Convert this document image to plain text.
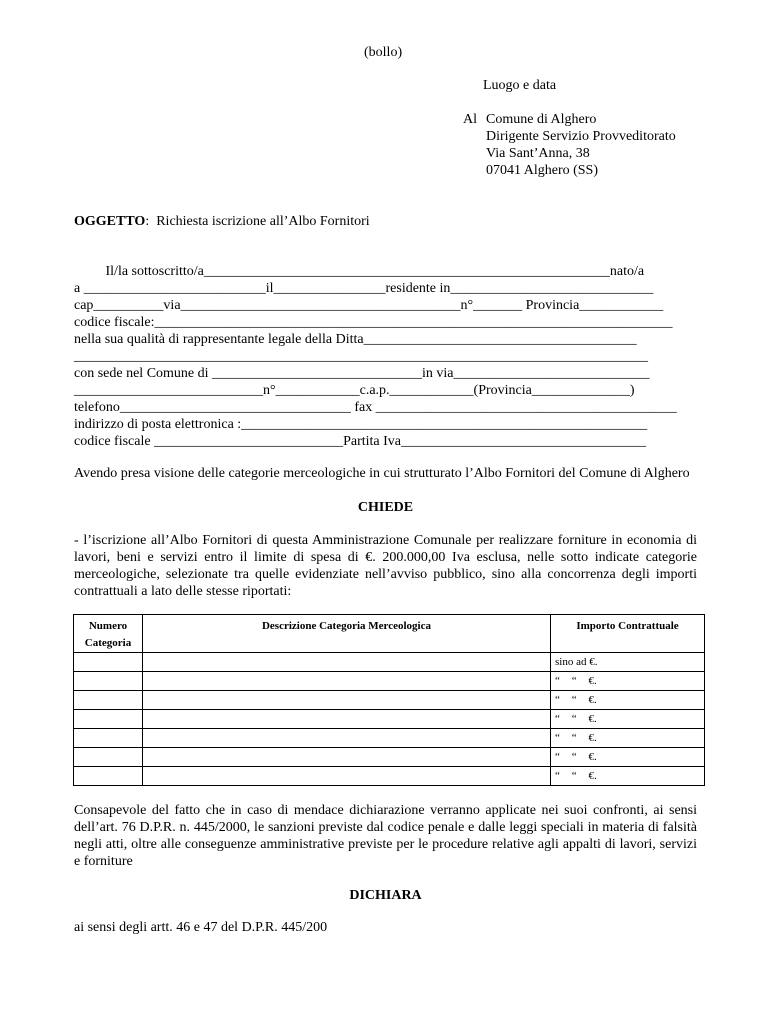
(bollo)
Luogo e data
Al Comune di Alghero
Dirigente Servizio Provveditorato
Via Sant’Anna, 38
07041 Alghero (SS)
OGGETTO: Richiesta iscrizione all’Albo Fornitori
Il/la sottoscritto/a__________________________________________________________nato/a
a __________________________il________________residente in_____________________________
cap__________via________________________________________n°_______ Provincia____________
codice fiscale:__________________________________________________________________________
nella sua qualità di rappresentante legale della Ditta_______________________________________
__________________________________________________________________________________
con sede nel Comune di ______________________________in via____________________________
___________________________n°____________c.a.p.____________(Provincia______________)
telefono_________________________________ fax ___________________________________________
indirizzo di posta elettronica :__________________________________________________________
codice fiscale ___________________________Partita Iva___________________________________
Avendo presa visione delle categorie merceologiche in cui strutturato l’Albo Fornitori del Comune di Alghero
CHIEDE
- l’iscrizione all’Albo Fornitori di questa Amministrazione Comunale per realizzare forniture in economia di lavori, beni e servizi entro il limite di spesa di €. 200.000,00 Iva esclusa, nelle sotto indicate categorie merceologiche, selezionate tra quelle evidenziate nell’avviso pubblico, sino alla concorrenza degli importi contrattuali a lato delle stesse riportati:
Numero Categoria	Descrizione Categoria Merceologica	Importo Contrattuale
		sino ad €.
		“ “ €.
		“ “ €.
		“ “ €.
		“ “ €.
		“ “ €.
		“ “ €.
Consapevole del fatto che in caso di mendace dichiarazione verranno applicate nei suoi confronti, ai sensi dell’art. 76 D.P.R. n. 445/2000, le sanzioni previste dal codice penale e dalle leggi speciali in materia di falsità negli atti, oltre alle conseguenze amministrative previste per le procedure relative agli appalti di lavori, servizi e forniture
DICHIARA
ai sensi degli artt. 46 e 47 del D.P.R. 445/200
